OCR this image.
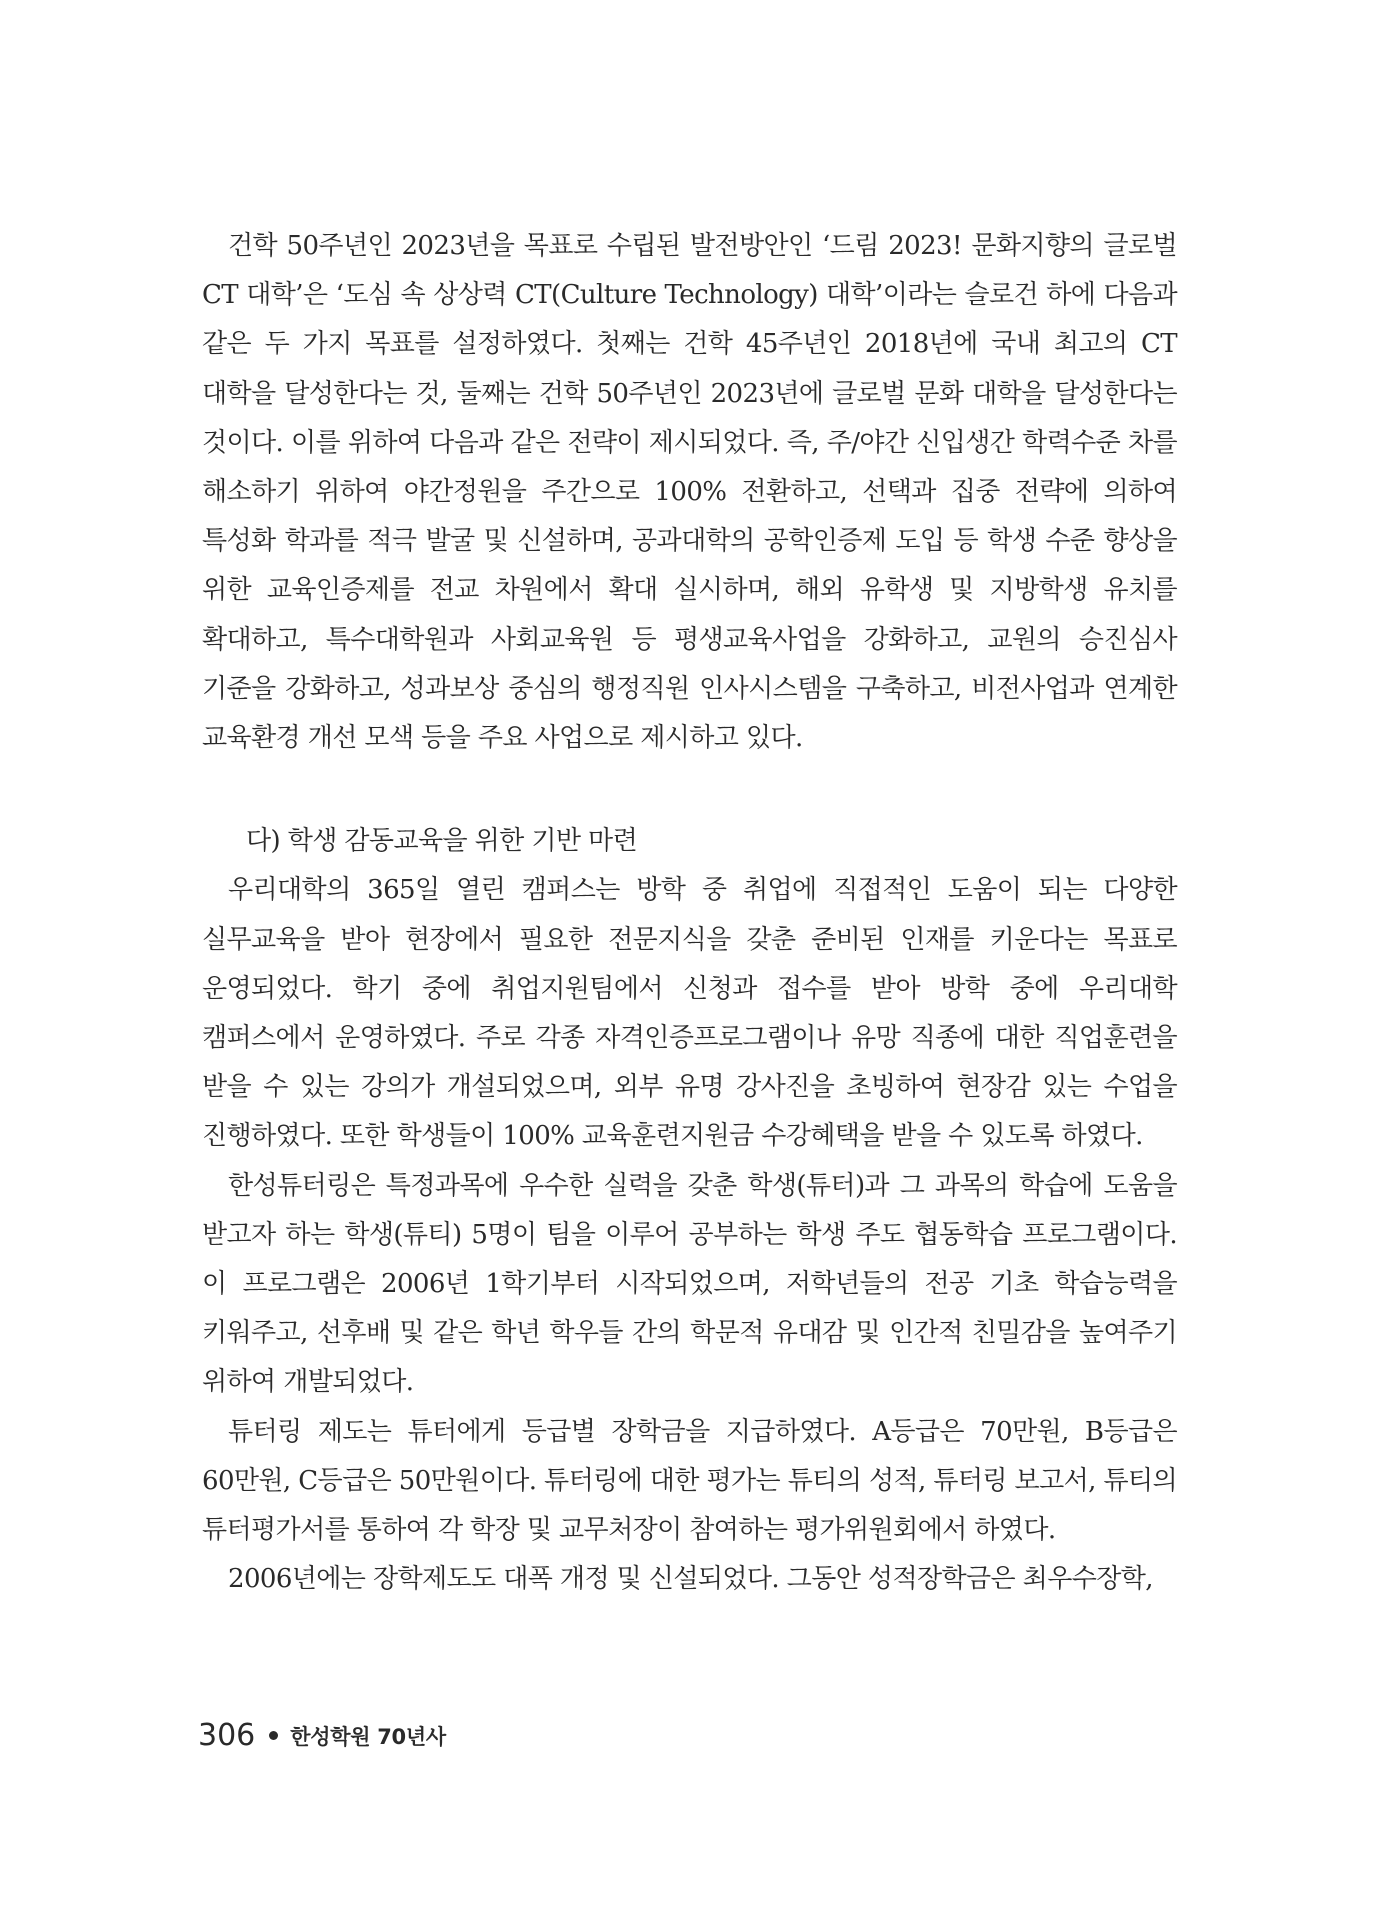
건학 50주년인 2023년을 목표로 수립된 발전방안인 ‘드림 2023! 문화지향의 글로벌 CT 대학’은 ‘도심 속 상상력 CT(Culture Technology) 대학’이라는 슬로건 하에 다음과 같은 두 가지 목표를 설정하였다. 첫째는 건학 45주년인 2018년에 국내 최고의 CT 대학을 달성한다는 것, 둘째는 건학 50주년인 2023년에 글로벌 문화 대학을 달성한다는 것이다. 이를 위하여 다음과 같은 전략이 제시되었다. 즉, 주/야간 신입생간 학력수준 차를 해소하기 위하여 야간정원을 주간으로 100% 전환하고, 선택과 집중 전략에 의하여 특성화 학과를 적극 발굴 및 신설하며, 공과대학의 공학인증제 도입 등 학생 수준 향상을 위한 교육인증제를 전교 차원에서 확대 실시하며, 해외 유학생 및 지방학생 유치를 확대하고, 특수대학원과 사회교육원 등 평생교육사업을 강화하고, 교원의 승진심사 기준을 강화하고, 성과보상 중심의 행정직원 인사시스템을 구축하고, 비전사업과 연계한 교육환경 개선 모색 등을 주요 사업으로 제시하고 있다.

다) 학생 감동교육을 위한 기반 마련

우리대학의 365일 열린 캠퍼스는 방학 중 취업에 직접적인 도움이 되는 다양한 실무교육을 받아 현장에서 필요한 전문지식을 갖춘 준비된 인재를 키운다는 목표로 운영되었다. 학기 중에 취업지원팀에서 신청과 접수를 받아 방학 중에 우리대학 캠퍼스에서 운영하였다. 주로 각종 자격인증프로그램이나 유망 직종에 대한 직업훈련을 받을 수 있는 강의가 개설되었으며, 외부 유명 강사진을 초빙하여 현장감 있는 수업을 진행하였다. 또한 학생들이 100% 교육훈련지원금 수강혜택을 받을 수 있도록 하였다.

한성튜터링은 특정과목에 우수한 실력을 갖춘 학생(튜터)과 그 과목의 학습에 도움을 받고자 하는 학생(튜티) 5명이 팀을 이루어 공부하는 학생 주도 협동학습 프로그램이다. 이 프로그램은 2006년 1학기부터 시작되었으며, 저학년들의 전공 기초 학습능력을 키워주고, 선후배 및 같은 학년 학우들 간의 학문적 유대감 및 인간적 친밀감을 높여주기 위하여 개발되었다.

튜터링 제도는 튜터에게 등급별 장학금을 지급하였다. A등급은 70만원, B등급은 60만원, C등급은 50만원이다. 튜터링에 대한 평가는 튜티의 성적, 튜터링 보고서, 튜티의 튜터평가서를 통하여 각 학장 및 교무처장이 참여하는 평가위원회에서 하였다.

2006년에는 장학제도도 대폭 개정 및 신설되었다. 그동안 성적장학금은 최우수장학,

306 한성학원 70년사
